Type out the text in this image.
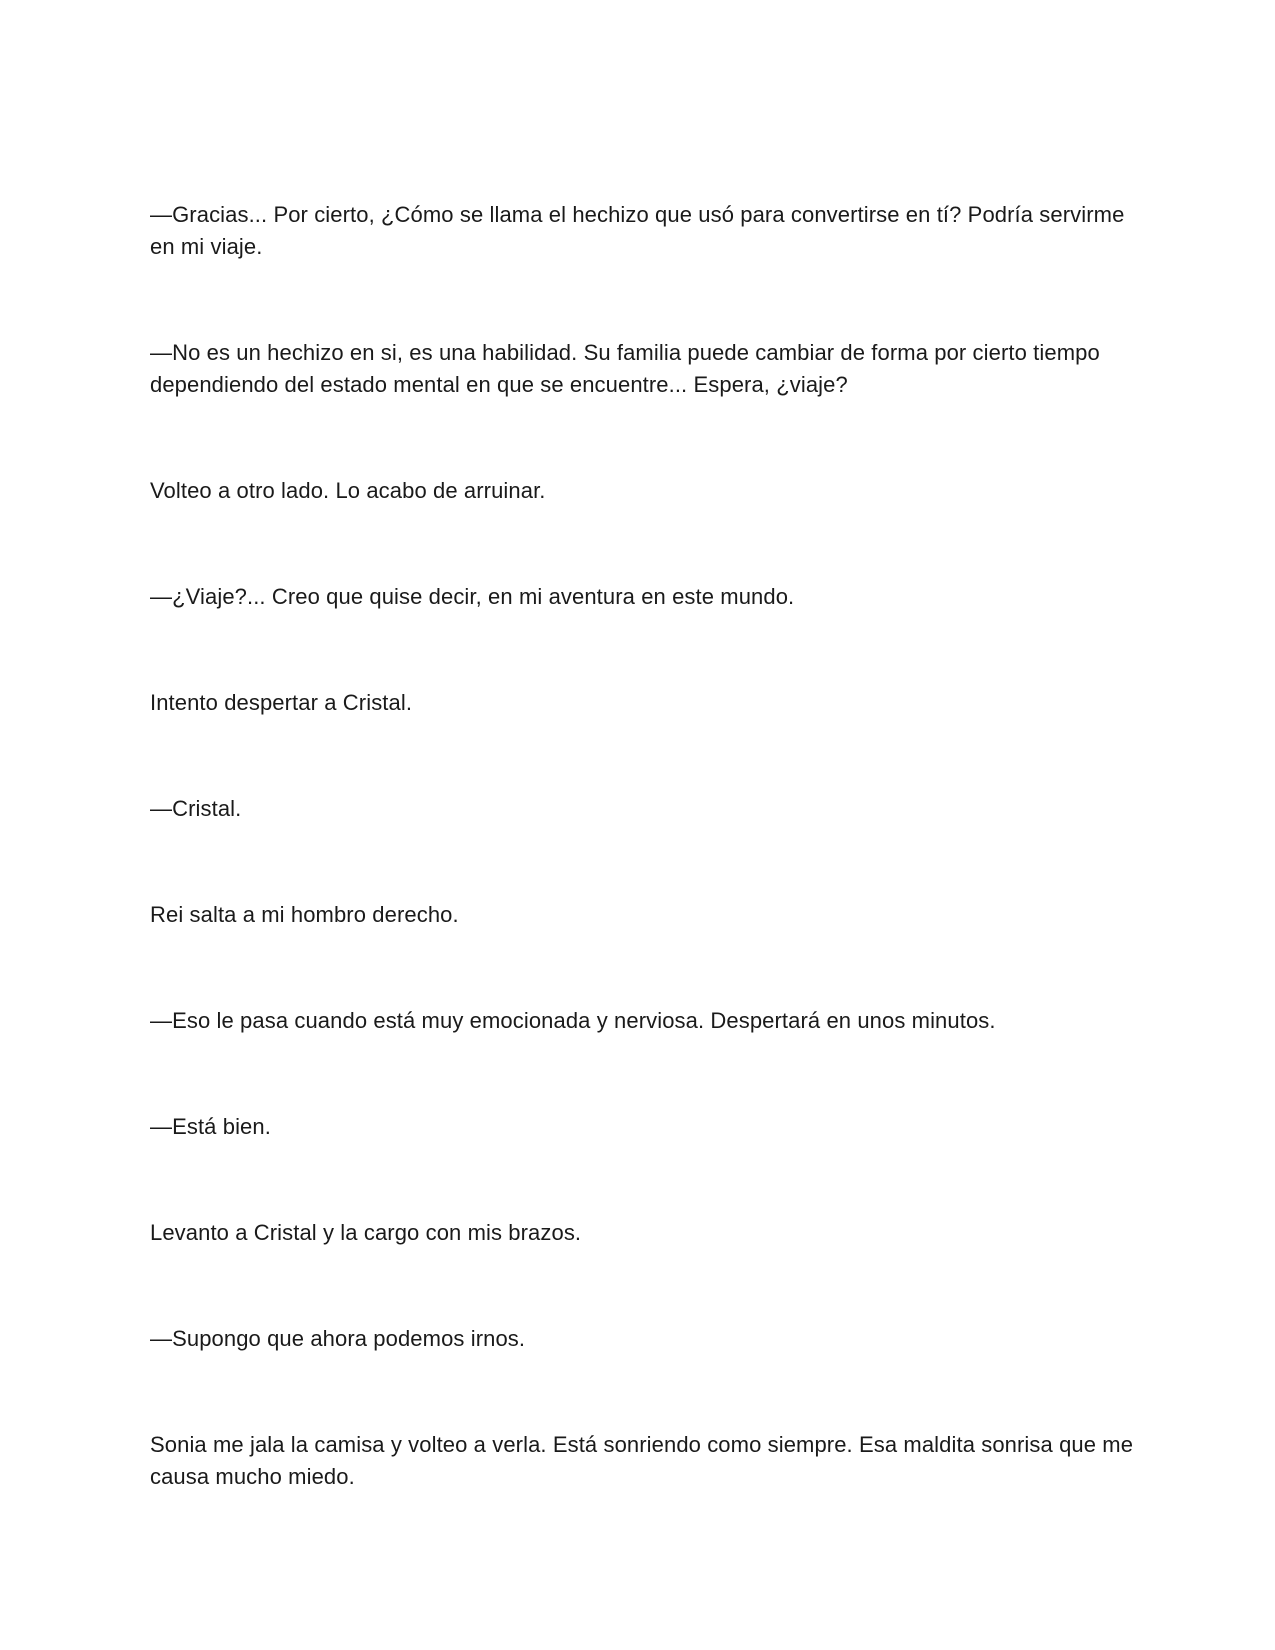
—Gracias... Por cierto, ¿Cómo se llama el hechizo que usó para convertirse en tí? Podría servirme en mi viaje.

—No es un hechizo en si, es una habilidad. Su familia puede cambiar de forma por cierto tiempo dependiendo del estado mental en que se encuentre... Espera, ¿viaje?

Volteo a otro lado. Lo acabo de arruinar.

—¿Viaje?... Creo que quise decir, en mi aventura en este mundo.

Intento despertar a Cristal.

—Cristal.

Rei salta a mi hombro derecho.

—Eso le pasa cuando está muy emocionada y nerviosa. Despertará en unos minutos.

—Está bien.

Levanto a Cristal y la cargo con mis brazos.

—Supongo que ahora podemos irnos.

Sonia me jala la camisa y volteo a verla. Está sonriendo como siempre. Esa maldita sonrisa que me causa mucho miedo.
